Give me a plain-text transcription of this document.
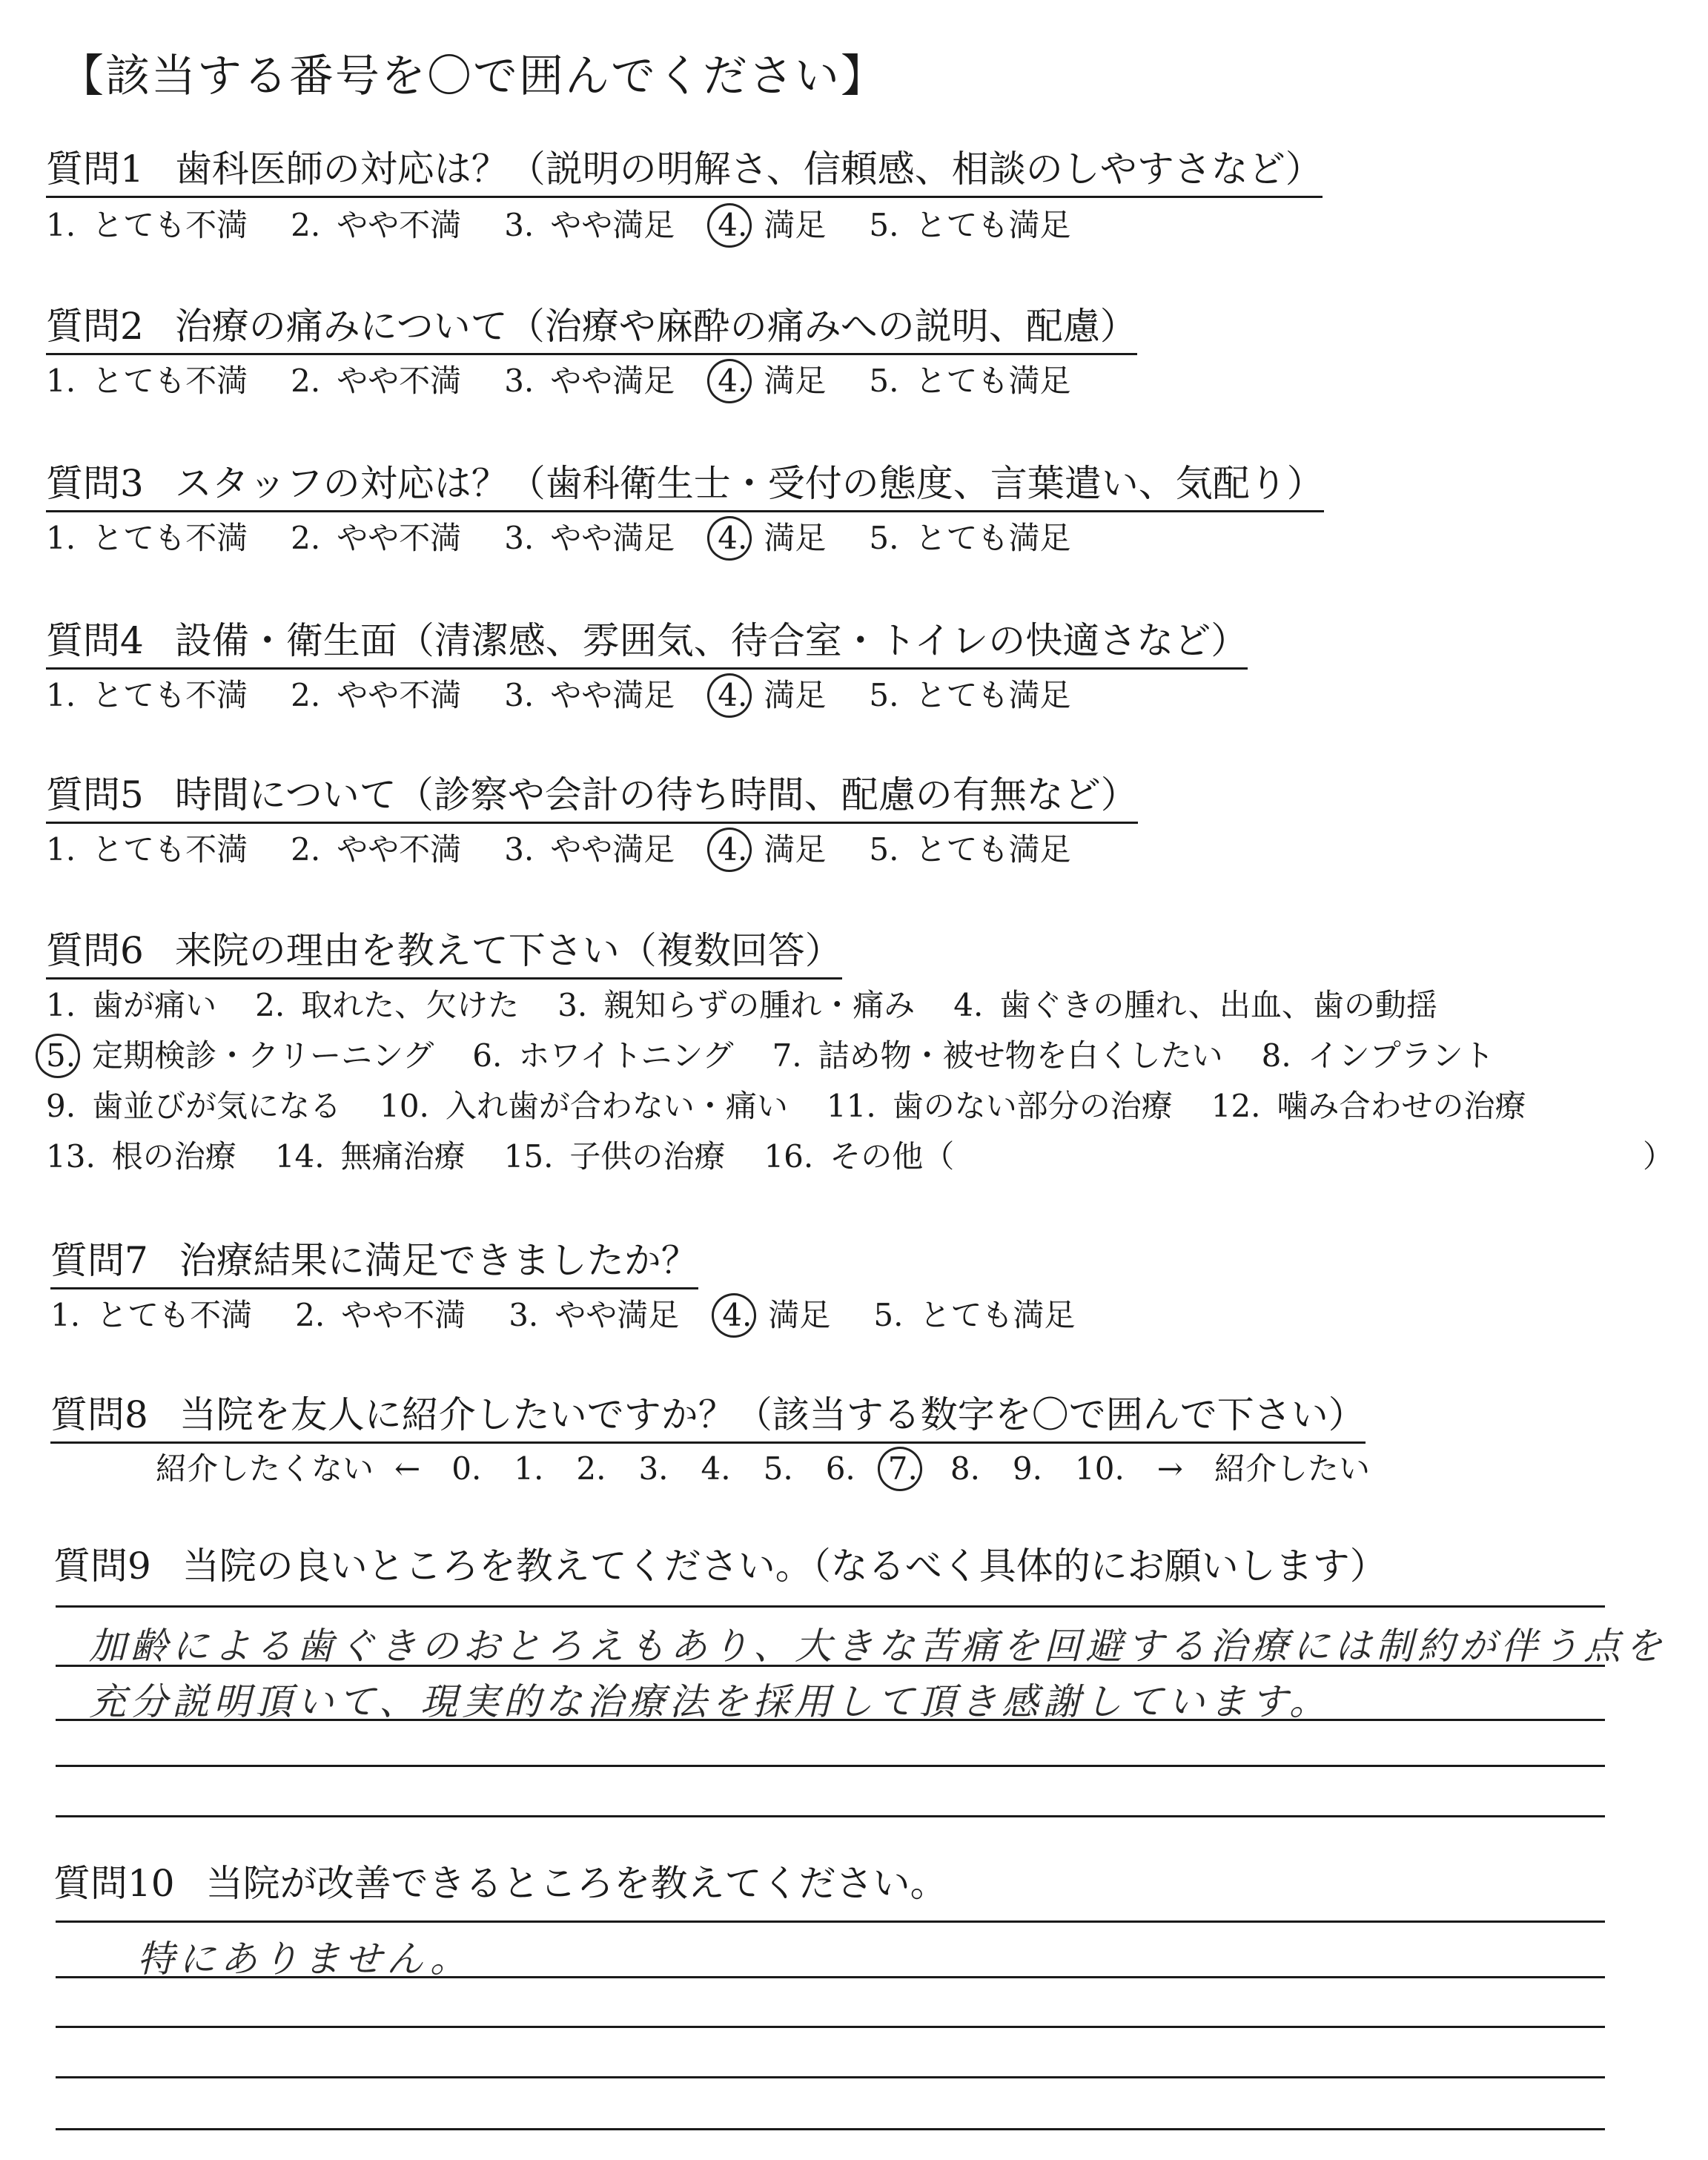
【該当する番号を〇で囲んでください】
質問1 歯科医師の対応は？（説明の明解さ、信頼感、相談のしやすさなど）
1. とても不満 2. やや不満 3. やや満足 4. 満足 5. とても満足
質問2 治療の痛みについて（治療や麻酔の痛みへの説明、配慮）
1. とても不満 2. やや不満 3. やや満足 4. 満足 5. とても満足
質問3 スタッフの対応は？（歯科衛生士・受付の態度、言葉遣い、気配り）
1. とても不満 2. やや不満 3. やや満足 4. 満足 5. とても満足
質問4 設備・衛生面（清潔感、雰囲気、待合室・トイレの快適さなど）
1. とても不満 2. やや不満 3. やや満足 4. 満足 5. とても満足
質問5 時間について（診察や会計の待ち時間、配慮の有無など）
1. とても不満 2. やや不満 3. やや満足 4. 満足 5. とても満足
質問6 来院の理由を教えて下さい（複数回答）
1. 歯が痛い 2. 取れた、欠けた 3. 親知らずの腫れ・痛み 4. 歯ぐきの腫れ、出血、歯の動揺
5. 定期検診・クリーニング 6. ホワイトニング 7. 詰め物・被せ物を白くしたい 8. インプラント
9. 歯並びが気になる 10. 入れ歯が合わない・痛い 11. 歯のない部分の治療 12. 噛み合わせの治療
13. 根の治療 14. 無痛治療 15. 子供の治療 16. その他（	）
質問7 治療結果に満足できましたか？
1. とても不満 2. やや不満 3. やや満足 4. 満足 5. とても満足
質問8 当院を友人に紹介したいですか？（該当する数字を〇で囲んで下さい）
紹介したくない ← 0. 1. 2. 3. 4. 5. 6. 7. 8. 9. 10. → 紹介したい
質問9 当院の良いところを教えてください。（なるべく具体的にお願いします）
加齢による歯ぐきのおとろえもあり、大きな苦痛を回避する治療には制約が伴う点を
充分説明頂いて、現実的な治療法を採用して頂き感謝しています。
質問10 当院が改善できるところを教えてください。
特にありません。
